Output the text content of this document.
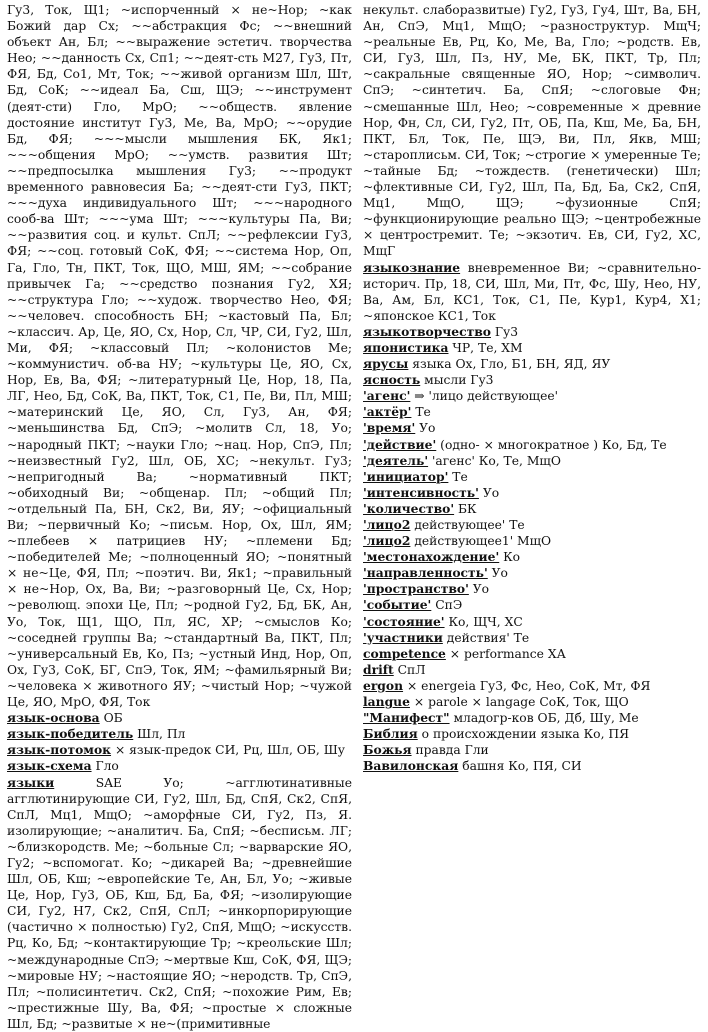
Гу3, Ток, Щ1; ~испорченный × не~Нор; ~как Божий дар Сх; ~~абстракция Фс; ~~внешний объект Ан, Бл; ~~выражение эстетич. творчества Нео; ~~данность Сх, Сп1; ~~деят-сть М27, Гу3, Пт, ФЯ, Бд, Со1, Мт, Ток; ~~живой организм Шл, Шт, Бд, СоК; ~~идеал Ба, Сш, ЩЭ; ~~инструмент (деят-сти) Гло, МрО; ~~обществ. явление достояние институт Гу3, Ме, Ва, МрО; ~~орудие Бд, ФЯ; ~~~мысли мышления БК, Як1; ~~~общения МрО; ~~умств. развития Шт; ~~предпосылка мышления Гу3; ~~продукт временного равновесия Ба; ~~деят-сти Гу3, ПКТ; ~~~духа индивидуального Шт; ~~~народного сооб-ва Шт; ~~~ума Шт; ~~~культуры Па, Ви; ~~развития соц. и культ. СпЛ; ~~рефлексии Гу3, ФЯ; ~~соц. готовый СоК, ФЯ; ~~система Нор, Оп, Га, Гло, Тн, ПКТ, Ток, ЩО, МШ, ЯМ; ~~собрание привычек Га; ~~средство познания Гу2, ХЯ; ~~структура Гло; ~~худож. творчество Нео, ФЯ; ~~человеч. способность БН; ~кастовый Па, Бл; ~классич. Ар, Це, ЯО, Сх, Нор, Сл, ЧР, СИ, Гу2, Шл, Ми, ФЯ; ~классовый Пл; ~колонистов Ме; ~коммунистич. об-ва НУ; ~культуры Це, ЯО, Сх, Нор, Ев, Ва, ФЯ; ~литературный Це, Нор, 18, Па, ЛГ, Нео, Бд, СоК, Ва, ПКТ, Ток, С1, Пе, Ви, Пл, МШ; ~материнский Це, ЯО, Сл, Гу3, Ан, ФЯ; ~меньшинства Бд, СпЭ; ~молитв Сл, 18, Уо; ~народный ПКТ; ~науки Гло; ~нац. Нор, СпЭ, Пл; ~неизвестный Гу2, Шл, ОБ, ХС; ~некульт. Гу3; ~непригодный Ва; ~нормативный ПКТ; ~обиходный Ви; ~общенар. Пл; ~общий Пл; ~отдельный Па, БН, Ск2, Ви, ЯУ; ~официальный Ви; ~первичный Ко; ~письм. Нор, Ох, Шл, ЯМ; ~плебеев × патрициев НУ; ~племени Бд; ~победителей Ме; ~полноценный ЯО; ~понятный × не~Це, ФЯ, Пл; ~поэтич. Ви, Як1; ~правильный × не~Нор, Ох, Ва, Ви; ~разговорный Це, Сх, Нор; ~револющ. эпохи Це, Пл; ~родной Гу2, Бд, БК, Ан, Уо, Ток, Щ1, ЩО, Пл, ЯС, ХР; ~смыслов Ко; ~соседней группы Ва; ~стандартный Ва, ПКТ, Пл; ~универсальный Ев, Ко, Пз; ~устный Инд, Нор, Оп, Ох, Гу3, СоК, БГ, СпЭ, Ток, ЯМ; ~фамильярный Ви; ~человека × животного ЯУ; ~чистый Нор; ~чужой Це, ЯО, МрО, ФЯ, Ток

язык-основа ОБ

язык-победитель Шл, Пл

язык-потомок × язык-предок СИ, Рц, Шл, ОБ, Шу

язык-схема Гло

языки SAE Уо; ~агглютинативные агглютинирующие СИ, Гу2, Шл, Бд, СпЯ, Ск2, СпЯ, СпЛ, Мц1, МщО; ~аморфные СИ, Гу2, Пз, Я. изолирующие; ~аналитич. Ба, СпЯ; ~бесписьм. ЛГ; ~близкородств. Ме; ~больные Сл; ~варварские ЯО, Гу2; ~вспомогат. Ко; ~дикарей Ва; ~древнейшие Шл, ОБ, Кш; ~европейские Те, Ан, Бл, Уо; ~живые Це, Нор, Гу3, ОБ, Кш, Бд, Ба, ФЯ; ~изолирующие СИ, Гу2, Н7, Ск2, СпЯ, СпЛ; ~инкорпорирующие (частично × полностью) Гу2, СпЯ, МщО; ~искусств. Рц, Ко, Бд; ~контактирующие Тр; ~креольские Шл; ~международные СпЭ; ~мертвые Кш, СоК, ФЯ, ЩЭ; ~мировые НУ; ~настоящие ЯО; ~неродств. Тр, СпЭ, Пл; ~полисинтетич. Ск2, СпЯ; ~похожие Рим, Ев; ~престижные Шу, Ва, ФЯ; ~простые × сложные Шл, Бд; ~развитые × не~(примитивные

некульт. слаборазвитые) Гу2, Гу3, Гу4, Шт, Ва, БН, Ан, СпЭ, Мц1, МщО; ~разноструктур. МщЧ; ~реальные Ев, Рц, Ко, Ме, Ва, Гло; ~родств. Ев, СИ, Гу3, Шл, Пз, НУ, Ме, БК, ПКТ, Тр, Пл; ~сакральные священные ЯО, Нор; ~символич. СпЭ; ~синтетич. Ба, СпЯ; ~слоговые Фн; ~смешанные Шл, Нео; ~современные × древние Нор, Фн, Сл, СИ, Гу2, Пт, ОБ, Па, Кш, Ме, Ба, БН, ПКТ, Бл, Ток, Пе, ЩЭ, Ви, Пл, Якв, МШ; ~староплисьм. СИ, Ток; ~строгие × умеренные Те; ~тайные Бд; ~тождеств. (генетически) Шл; ~флективные СИ, Гу2, Шл, Па, Бд, Ба, Ск2, СпЯ, Мц1, МщО, ЩЭ; ~фузионные СпЯ; ~функционирующие реально ЩЭ; ~центробежные × центростремит. Те; ~экзотич. Ев, СИ, Гу2, ХС, МщГ

языкознание вневременное Ви; ~сравнительно-историч. Пр, 18, СИ, Шл, Ми, Пт, Фс, Шу, Нео, НУ, Ва, Ам, Бл, КС1, Ток, С1, Пе, Кур1, Кур4, Х1; ~японское КС1, Ток

языкотворчество Гу3

японистика ЧР, Те, ХМ

ярусы языка Ох, Гло, Б1, БН, ЯД, ЯУ

ясность мысли Гу3

'агенс' ⇒ 'лицо действующее'

'актёр' Те

'время' Уо

'действие' (одно- × многократное ) Ко, Бд, Те

'деятель' 'агенс' Ко, Те, МщО

'инициатор' Те

'интенсивность' Уо

'количество' БК

'лицо2 действующее' Те

'лицо2 действующее1' МщО

'местонахождение' Ко

'направленность' Уо

'пространство' Уо

'событие' СпЭ

'состояние' Ко, ЩЧ, ХС

'участники действия' Те

competence × performance ХА

drift СпЛ

ergon × energeia Гу3, Фс, Нео, СоК, Мт, ФЯ

langue × parole × langage СоК, Ток, ЩО

"Манифест" младогр-ков ОБ, Дб, Шу, Ме

Библия о происхождении языка Ко, ПЯ

Божья правда Гли

Вавилонская башня Ко, ПЯ, СИ
